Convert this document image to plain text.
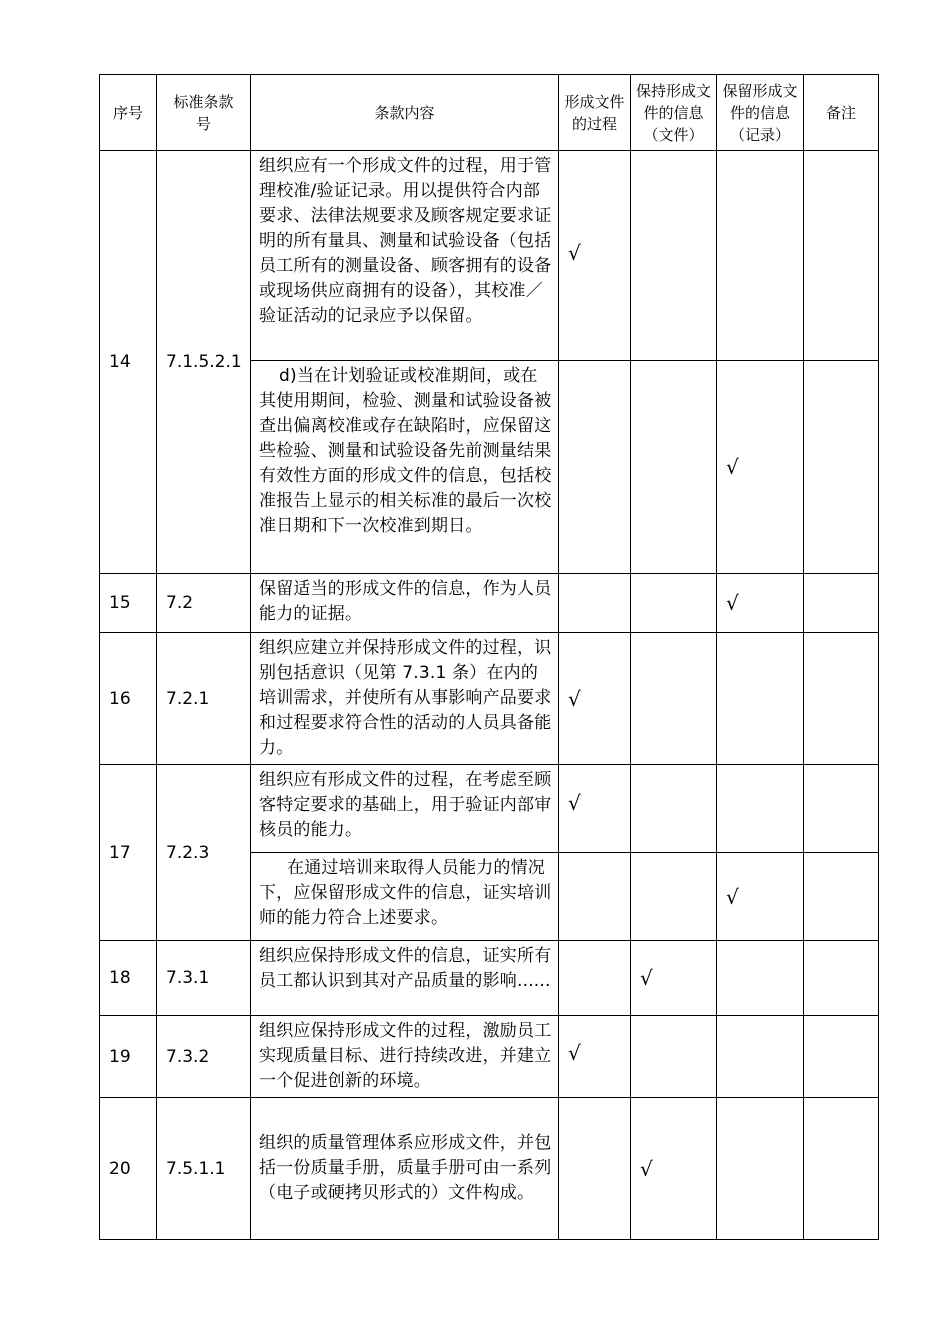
序号	标准条款号	条款内容	形成文件的过程	保持形成文件的信息（文件）	保留形成文件的信息（记录）	备注
14	7.1.5.2.1	组织应有一个形成文件的过程，用于管理校准/验证记录。用以提供符合内部要求、法律法规要求及顾客规定要求证明的所有量具、测量和试验设备（包括员工所有的测量设备、顾客拥有的设备或现场供应商拥有的设备），其校准／验证活动的记录应予以保留。	√			

		d)当在计划验证或校准期间，或在其使用期间，检验、测量和试验设备被查出偏离校准或存在缺陷时，应保留这些检验、测量和试验设备先前测量结果有效性方面的形成文件的信息，包括校准报告上显示的相关标准的最后一次校准日期和下一次校准到期日。			√	

15	7.2	保留适当的形成文件的信息，作为人员能力的证据。			√	

16	7.2.1	组织应建立并保持形成文件的过程，识别包括意识（见第 7.3.1 条）在内的培训需求，并使所有从事影响产品要求和过程要求符合性的活动的人员具备能力。	√			

17	7.2.3	组织应有形成文件的过程，在考虑至顾客特定要求的基础上，用于验证内部审核员的能力。	√			

		在通过培训来取得人员能力的情况下，应保留形成文件的信息，证实培训师的能力符合上述要求。			√	

18	7.3.1	组织应保持形成文件的信息，证实所有员工都认识到其对产品质量的影响......		√		

19	7.3.2	组织应保持形成文件的过程，激励员工实现质量目标、进行持续改进，并建立一个促进创新的环境。	√			

20	7.5.1.1	组织的质量管理体系应形成文件，并包括一份质量手册，质量手册可由一系列（电子或硬拷贝形式的）文件构成。		√		
